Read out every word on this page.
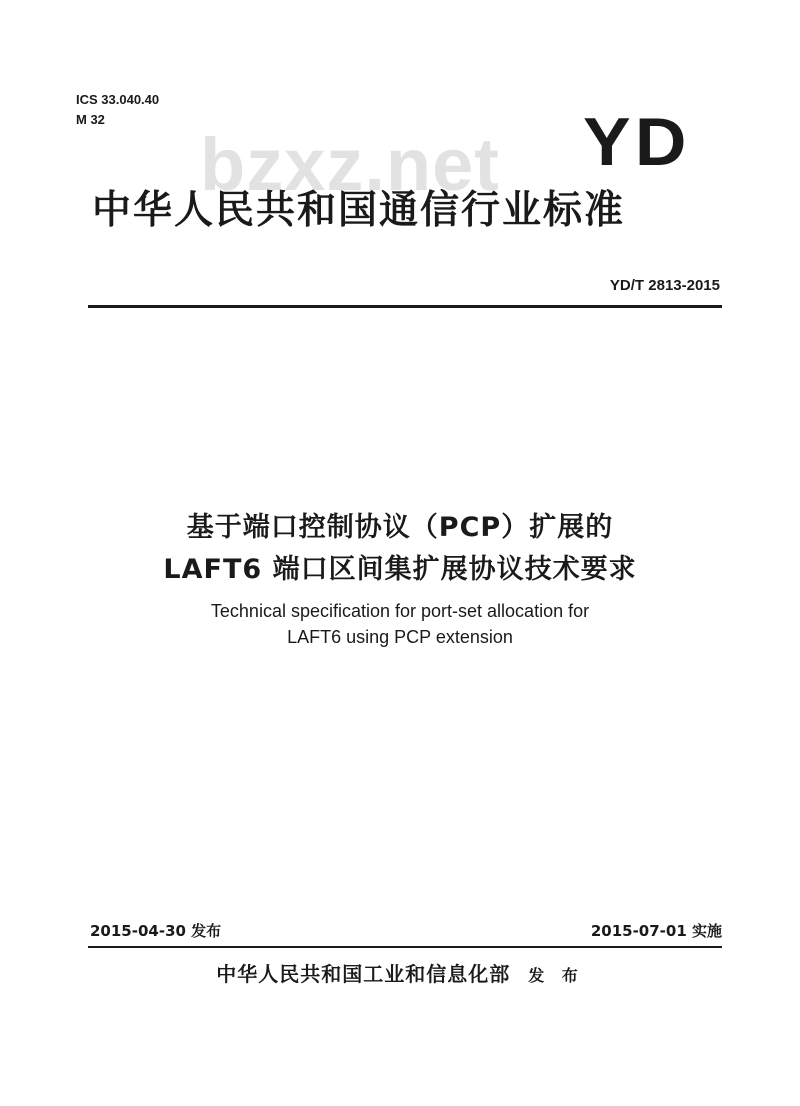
bzxz.net
ICS 33.040.40
M 32	YD
中华人民共和国通信行业标准
YD/T 2813-2015
基于端口控制协议（PCP）扩展的
LAFT6 端口区间集扩展协议技术要求
Technical specification for port-set allocation for
LAFT6 using PCP extension
2015-04-30 发布	2015-07-01 实施
中华人民共和国工业和信息化部 发 布
